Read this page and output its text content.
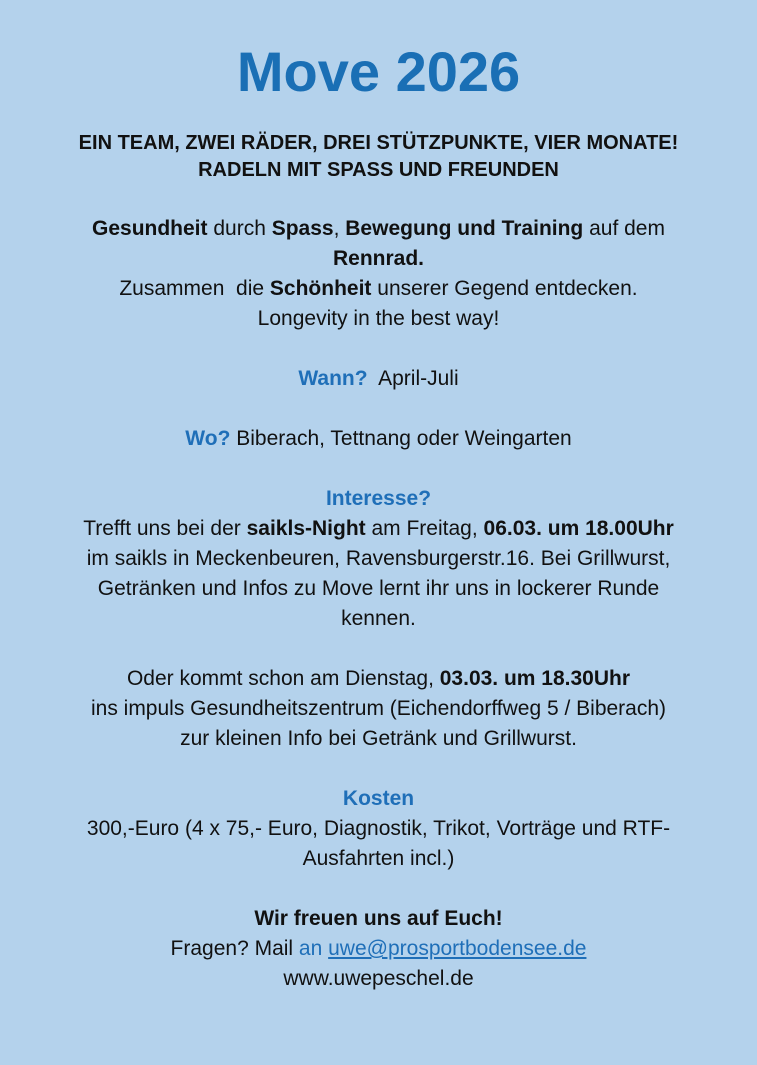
Move 2026
EIN TEAM, ZWEI RÄDER, DREI STÜTZPUNKTE, VIER MONATE!
RADELN MIT SPASS UND FREUNDEN
Gesundheit durch Spass, Bewegung und Training auf dem
Rennrad.
Zusammen  die Schönheit unserer Gegend entdecken.
Longevity in the best way!
Wann?  April-Juli
Wo? Biberach, Tettnang oder Weingarten
Interesse?
Trefft uns bei der saikls-Night am Freitag, 06.03. um 18.00Uhr
im saikls in Meckenbeuren, Ravensburgerstr.16. Bei Grillwurst,
Getränken und Infos zu Move lernt ihr uns in lockerer Runde
kennen.
Oder kommt schon am Dienstag, 03.03. um 18.30Uhr
ins impuls Gesundheitszentrum (Eichendorffweg 5 / Biberach)
zur kleinen Info bei Getränk und Grillwurst.
Kosten
300,-Euro (4 x 75,- Euro, Diagnostik, Trikot, Vorträge und RTF-
Ausfahrten incl.)
Wir freuen uns auf Euch!
Fragen? Mail an uwe@prosportbodensee.de
www.uwepeschel.de
